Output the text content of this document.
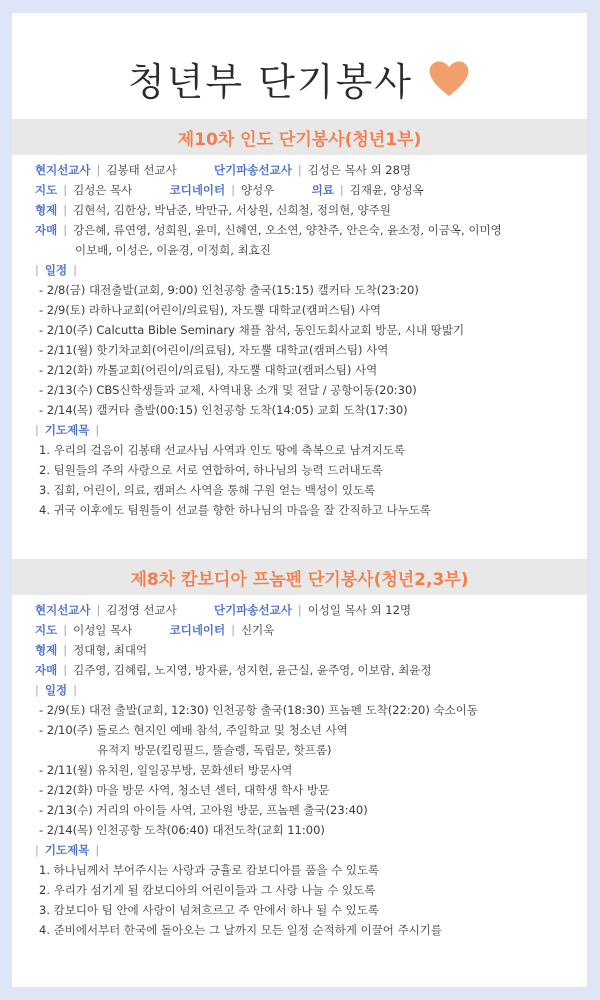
청년부 단기봉사
제10차 인도 단기봉사(청년1부)
현지선교사 | 김봉태 선교사	단기파송선교사 | 김성은 목사 외 28명
지도 | 김성은 목사	코디네이터 | 양성우	의료 | 김재윤, 양성옥
형제 | 김현석, 김한상, 박남준, 박만규, 서상원, 신희철, 정의현, 양주원
자매 | 강은혜, 류연영, 성희원, 윤미, 신혜연, 오소연, 양찬주, 안은숙, 윤소정, 이금옥, 이미영
이보배, 이성은, 이윤경, 이정희, 최효진
| 일정 |
- 2/8(금) 대전출발(교회, 9:00) 인천공항 출국(15:15) 캘커타 도착(23:20)
- 2/9(토) 라하나교회(어린이/의료팀), 자도뿔 대학교(캠퍼스팀) 사역
- 2/10(주) Calcutta Bible Seminary 채플 참석, 동인도회사교회 방문, 시내 땅밟기
- 2/11(월) 핫기차교회(어린이/의료팀), 자도뿔 대학교(캠퍼스팀) 사역
- 2/12(화) 까톨교회(어린이/의료팀), 자도뿔 대학교(캠퍼스팀) 사역
- 2/13(수) CBS신학생들과 교제, 사역내용 소개 및 전달 / 공항이동(20:30)
- 2/14(목) 캘커타 출발(00:15) 인천공항 도착(14:05) 교회 도착(17:30)
| 기도제목 |
1. 우리의 걸음이 김봉태 선교사님 사역과 인도 땅에 축복으로 남겨지도록
2. 팀원들의 주의 사랑으로 서로 연합하여, 하나님의 능력 드러내도록
3. 집회, 어린이, 의료, 캠퍼스 사역을 통해 구원 얻는 백성이 있도록
4. 귀국 이후에도 팀원들이 선교를 향한 하나님의 마음을 잘 간직하고 나누도록
제8차 캄보디아 프놈펜 단기봉사(청년2,3부)
현지선교사 | 김정영 선교사	단기파송선교사 | 이성일 목사 외 12명
지도 | 이성일 목사	코디네이터 | 신기욱
형제 | 정대형, 최대억
자매 | 김주영, 김혜림, 노지영, 방자륜, 성지현, 윤근실, 윤주영, 이보람, 최윤정
| 일정 |
- 2/9(토) 대전 출발(교회, 12:30) 인천공항 출국(18:30) 프놈펜 도착(22:20) 숙소이동
- 2/10(주) 돌로스 현지인 예배 참석, 주일학교 및 청소년 사역
유적지 방문(킬링필드, 뚤슬렝, 독립문, 핫프롬)
- 2/11(월) 유치원, 일일공부방, 문화센터 방문사역
- 2/12(화) 마을 방문 사역, 청소년 센터, 대학생 학사 방문
- 2/13(수) 거리의 아이들 사역, 고아원 방문, 프놈펜 출국(23:40)
- 2/14(목) 인천공항 도착(06:40) 대전도착(교회 11:00)
| 기도제목 |
1. 하나님께서 부어주시는 사랑과 긍휼로 캄보디아를 품을 수 있도록
2. 우리가 섬기게 될 캄보디아의 어린이들과 그 사랑 나눌 수 있도록
3. 캄보디아 팀 안에 사랑이 넘쳐흐르고 주 안에서 하나 될 수 있도록
4. 준비에서부터 한국에 돌아오는 그 날까지 모든 일정 순적하게 이끌어 주시기를
